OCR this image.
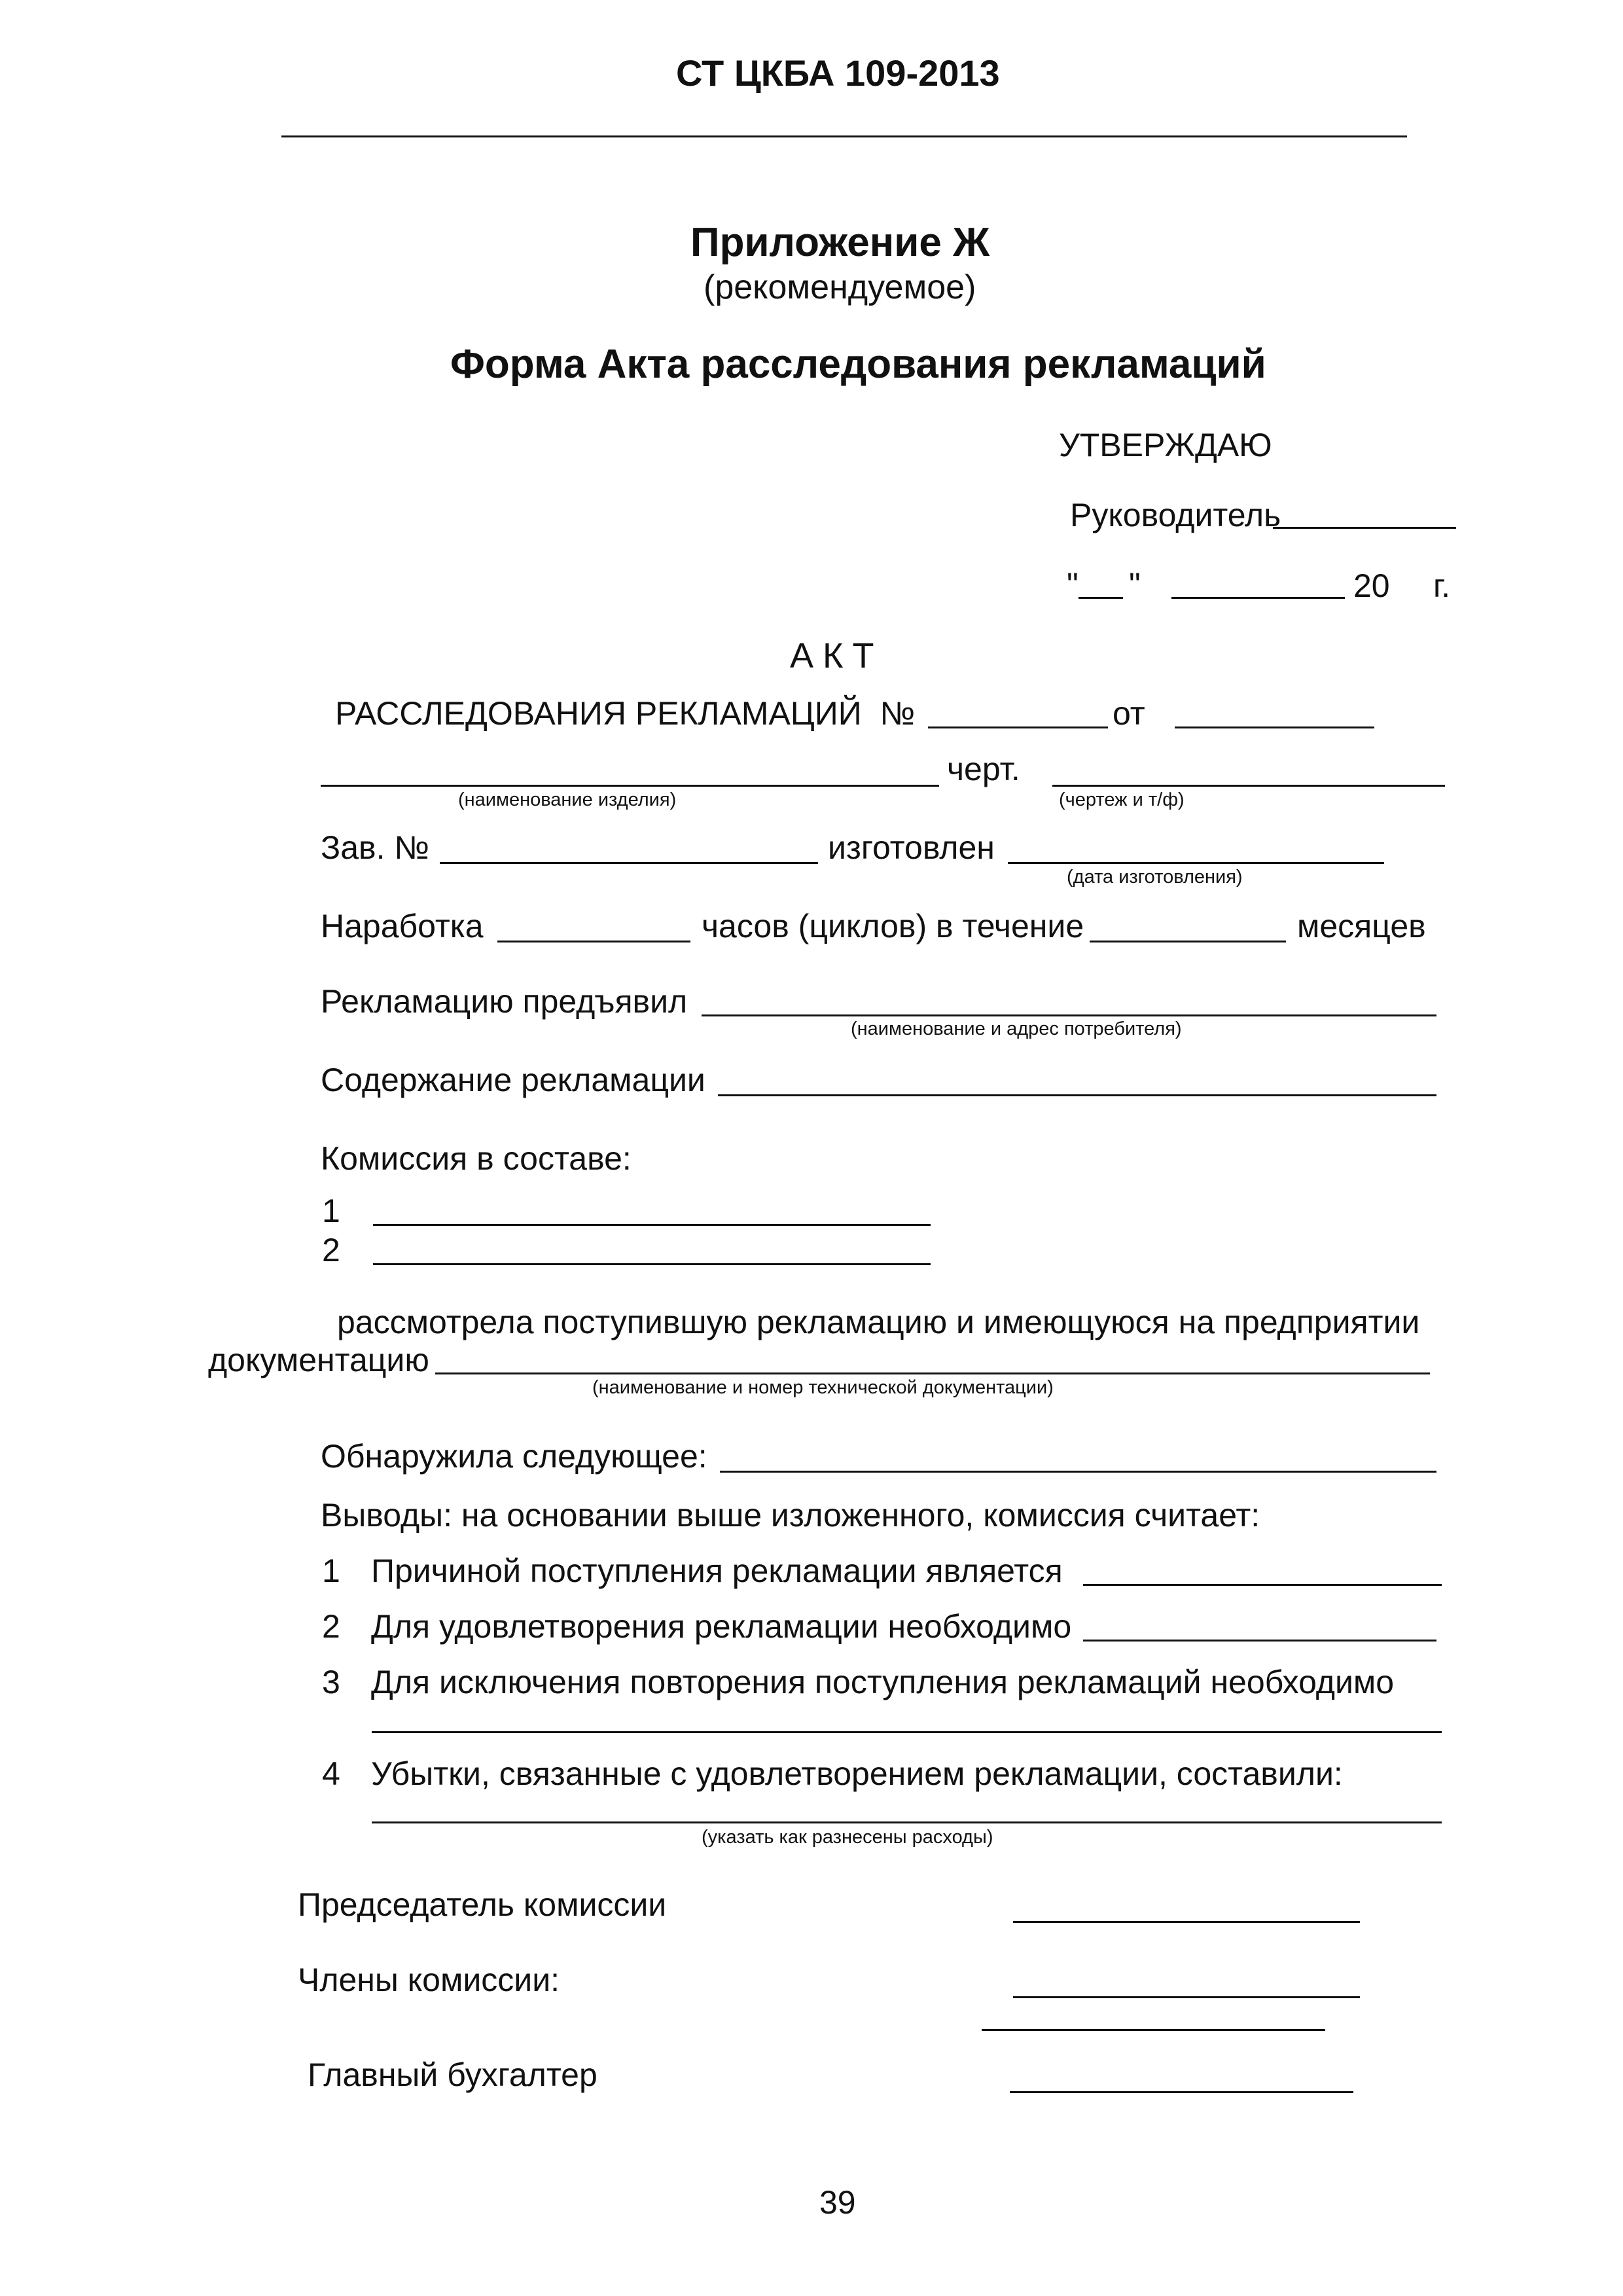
СТ ЦКБА 109-2013
Приложение Ж
(рекомендуемое)
Форма Акта расследования рекламаций
УТВЕРЖДАЮ
Руководитель
" "	20 г.
АКТ
РАССЛЕДОВАНИЯ РЕКЛАМАЦИЙ  №	от
черт.
(наименование изделия)	(чертеж и т/ф)
Зав. №	изготовлен
(дата изготовления)
Наработка	часов (циклов) в течение	месяцев
Рекламацию предъявил
(наименование и адрес потребителя)
Содержание рекламации
Комиссия в составе:
1
2
рассмотрела поступившую рекламацию и имеющуюся на предприятии
документацию
(наименование и номер технической документации)
Обнаружила следующее:
Выводы: на основании выше изложенного, комиссия считает:
1 Причиной поступления рекламации является
2 Для удовлетворения рекламации необходимо
3 Для исключения повторения поступления рекламаций необходимо
4 Убытки, связанные с удовлетворением рекламации, составили:
(указать как разнесены расходы)
Председатель комиссии
Члены комиссии:
Главный бухгалтер
39
